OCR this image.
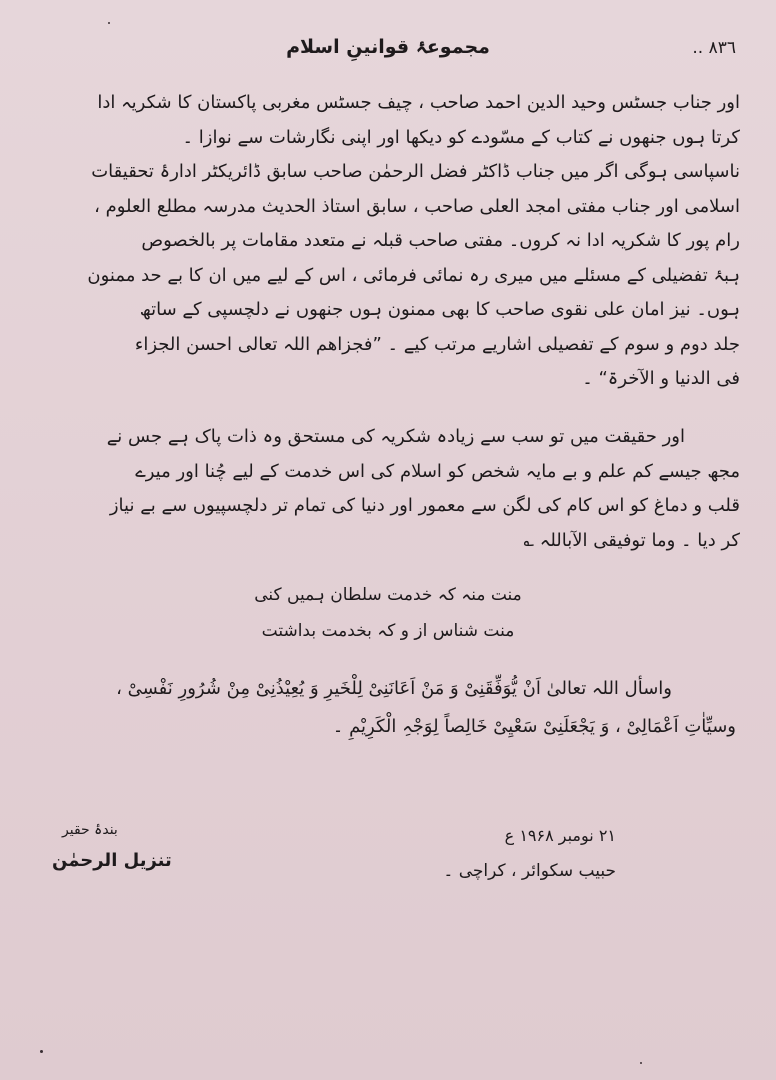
٨٣٦ ..
مجموعۂ قوانینِ اسلام
اور جناب جسٹس وحید الدین احمد صاحب ، چیف جسٹس مغربی پاکستان کا شکریہ ادا
کرتا ہوں جنھوں نے کتاب کے مسّودے کو دیکھا اور اپنی نگارشات سے نوازا ۔
ناسپاسی ہوگی اگر میں جناب ڈاکٹر فضل الرحمٰن صاحب سابق ڈائریکٹر ادارۂ تحقیقات
اسلامی اور جناب مفتی امجد العلی صاحب ، سابق استاذ الحدیث مدرسہ مطلع العلوم ،
رام پور کا شکریہ ادا نہ کروں۔ مفتی صاحب قبلہ نے متعدد مقامات پر بالخصوص
ہبۂ تفضیلی کے مسئلے میں میری رہ نمائی فرمائی ، اس کے لیے میں ان کا بے حد ممنون
ہوں۔ نیز امان علی نقوی صاحب کا بھی ممنون ہوں جنھوں نے دلچسپی کے ساتھ
جلد دوم و سوم کے تفصیلی اشاریے مرتب کیے ۔ ”فجزاھم اللہ تعالی احسن الجزاء
فی الدنیا و الآخرۃ“ ۔
اور حقیقت میں تو سب سے زیادہ شکریہ کی مستحق وہ ذات پاک ہے جس نے
مجھ جیسے کم علم و بے مایہ شخص کو اسلام کی اس خدمت کے لیے چُنا اور میرے
قلب و دماغ کو اس کام کی لگن سے معمور اور دنیا کی تمام تر دلچسپیوں سے بے نیاز
کر دیا ۔ وما توفیقی الآباللہ ؎
منت منہ کہ خدمت سلطان ہمیں کنی
منت شناس از و کہ بخدمت بداشتت
واسأل اللہ تعالیٰ اَنْ یُّوَفِّقَنِیْ وَ مَنْ اَعَانَنِیْ لِلْخَیرِ وَ یُعِیْذُنِیْ مِنْ شُرُورِ نَفْسِیْ ،
وسیِّاٰتِ اَعْمَالِیْ ، وَ یَجْعَلَنِیْ سَعْیِیْ خَالِصاً لِوَجْہِ الْکَرِیْمِ ۔
۲۱ نومبر ۱۹۶۸ ع
حبیب سکوائر ، کراچی ۔
بندۂ حقیر
تنزیل الرحمٰن
